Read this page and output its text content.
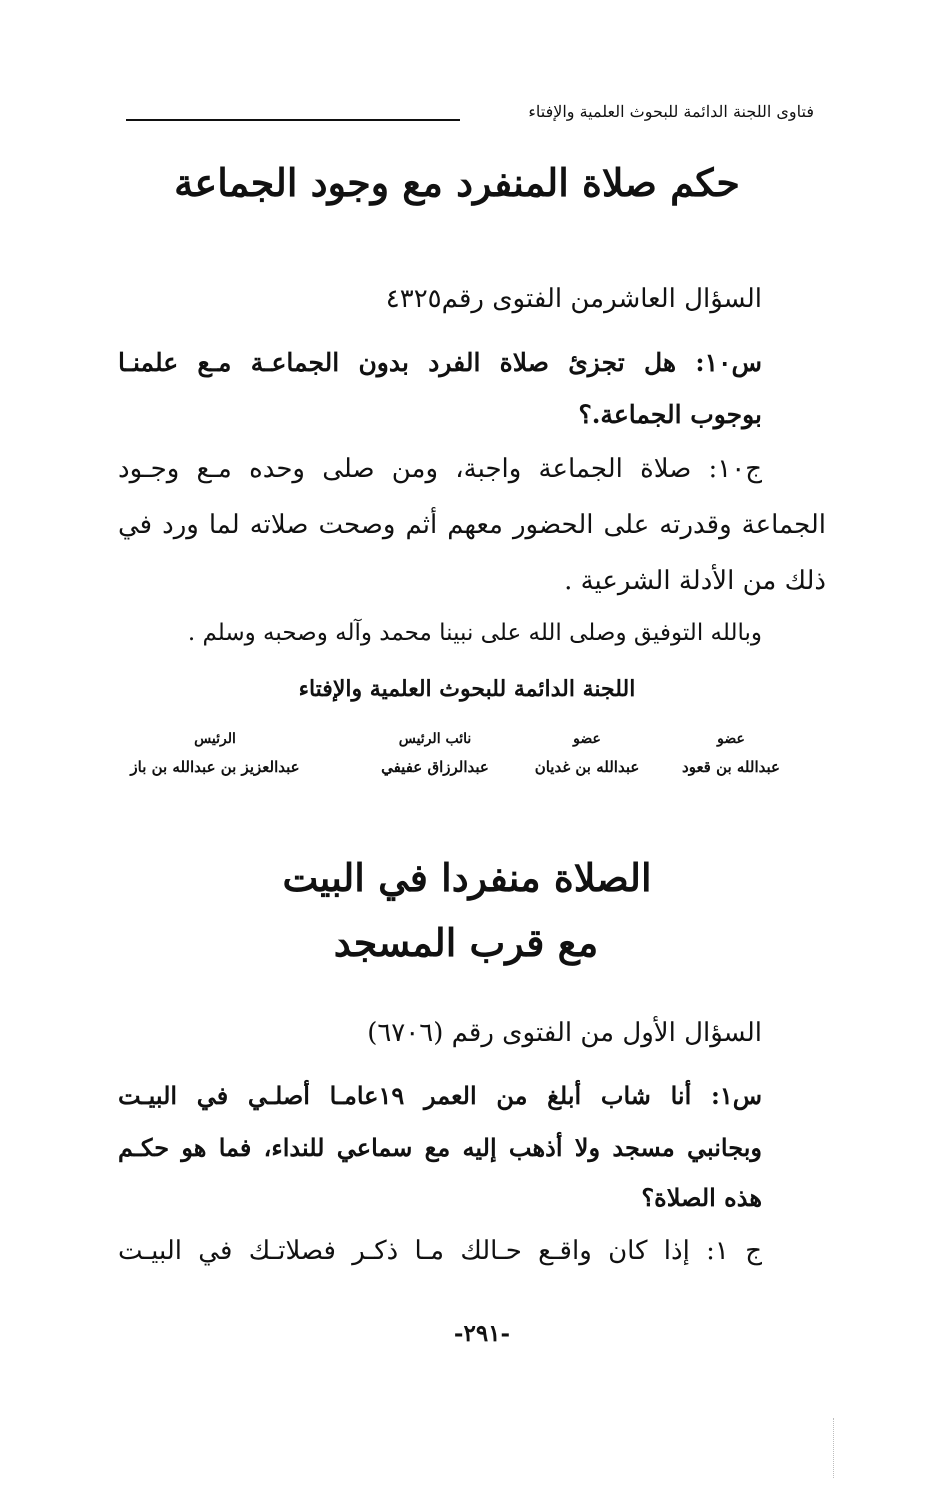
فتاوى اللجنة الدائمة للبحوث العلمية والإفتاء
حكم صلاة المنفرد مع وجود الجماعة
السؤال العاشرمن الفتوى رقم٤٣٢٥
س١٠: هل تجزئ صلاة الفرد بدون الجماعـة مـع علمنـا
بوجوب الجماعة.؟
ج١٠: صلاة الجماعة واجبة، ومن صلى وحده مـع وجـود
الجماعة وقدرته على الحضور معهم أثم وصحت صلاته لما ورد في
ذلك من الأدلة الشرعية .
وبالله التوفيق وصلى الله على نبينا محمد وآله وصحبه وسلم .
اللجنة الدائمة للبحوث العلمية والإفتاء
الرئيس
عبدالعزيز بن عبدالله بن باز
نائب الرئيس
عبدالرزاق عفيفي
عضو
عبدالله بن غديان
عضو
عبدالله بن قعود
الصلاة منفردا في البيت
مع قرب المسجد
السؤال الأول من الفتوى رقم (٦٧٠٦)
س١: أنا شاب أبلغ من العمر ١٩عامـا أصلـي في البيـت
وبجانبي مسجد ولا أذهب إليه مع سماعي للنداء، فما هو حكـم
هذه الصلاة؟
ج ١: إذا كان واقـع حـالك مـا ذكـر فصلاتـك في البيـت
-٢٩١-
